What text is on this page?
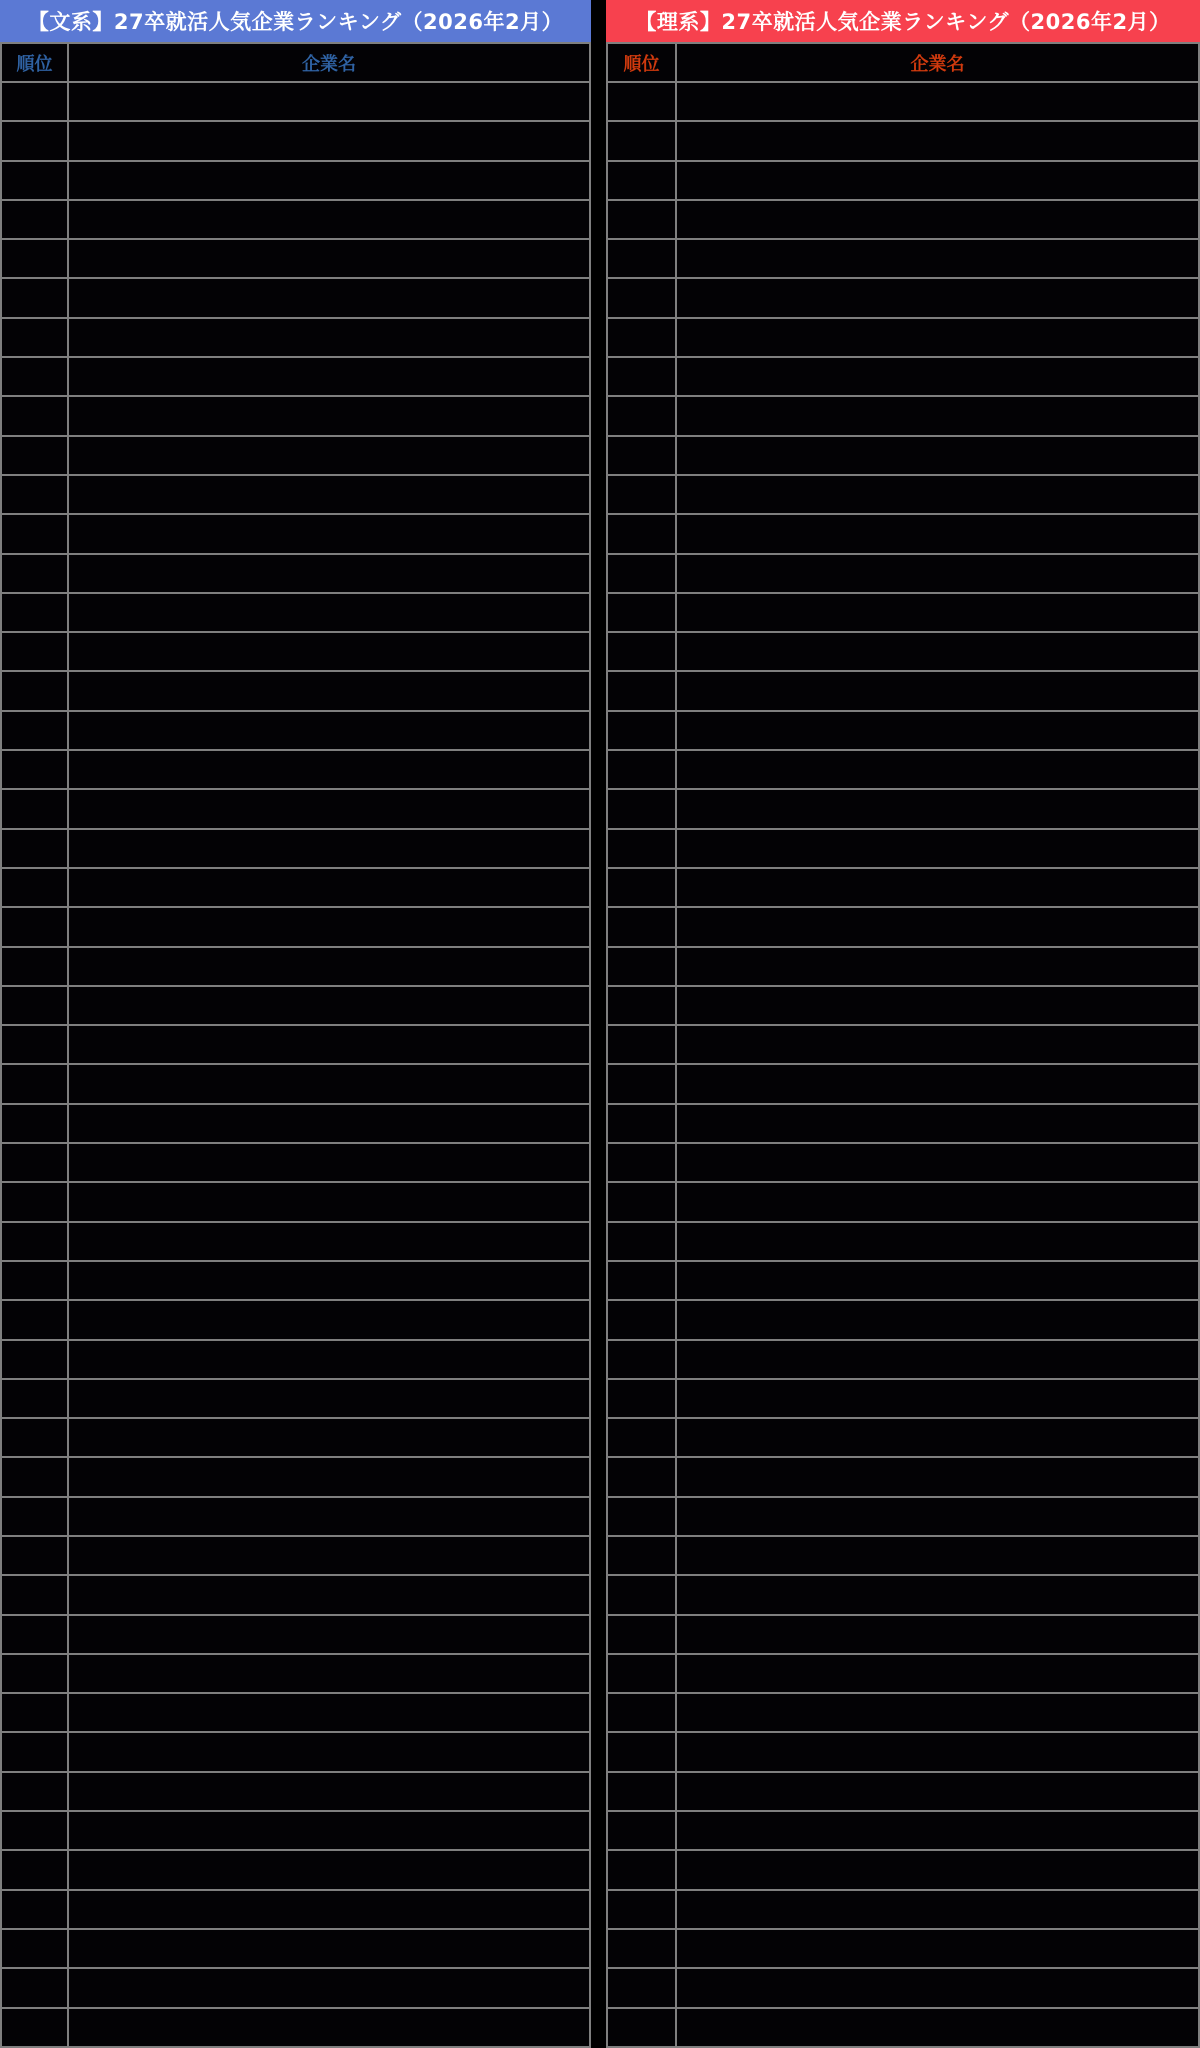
【文系】27卒就活人気企業ランキング（2026年2月）
順位	企業名

【理系】27卒就活人気企業ランキング（2026年2月）
順位	企業名
